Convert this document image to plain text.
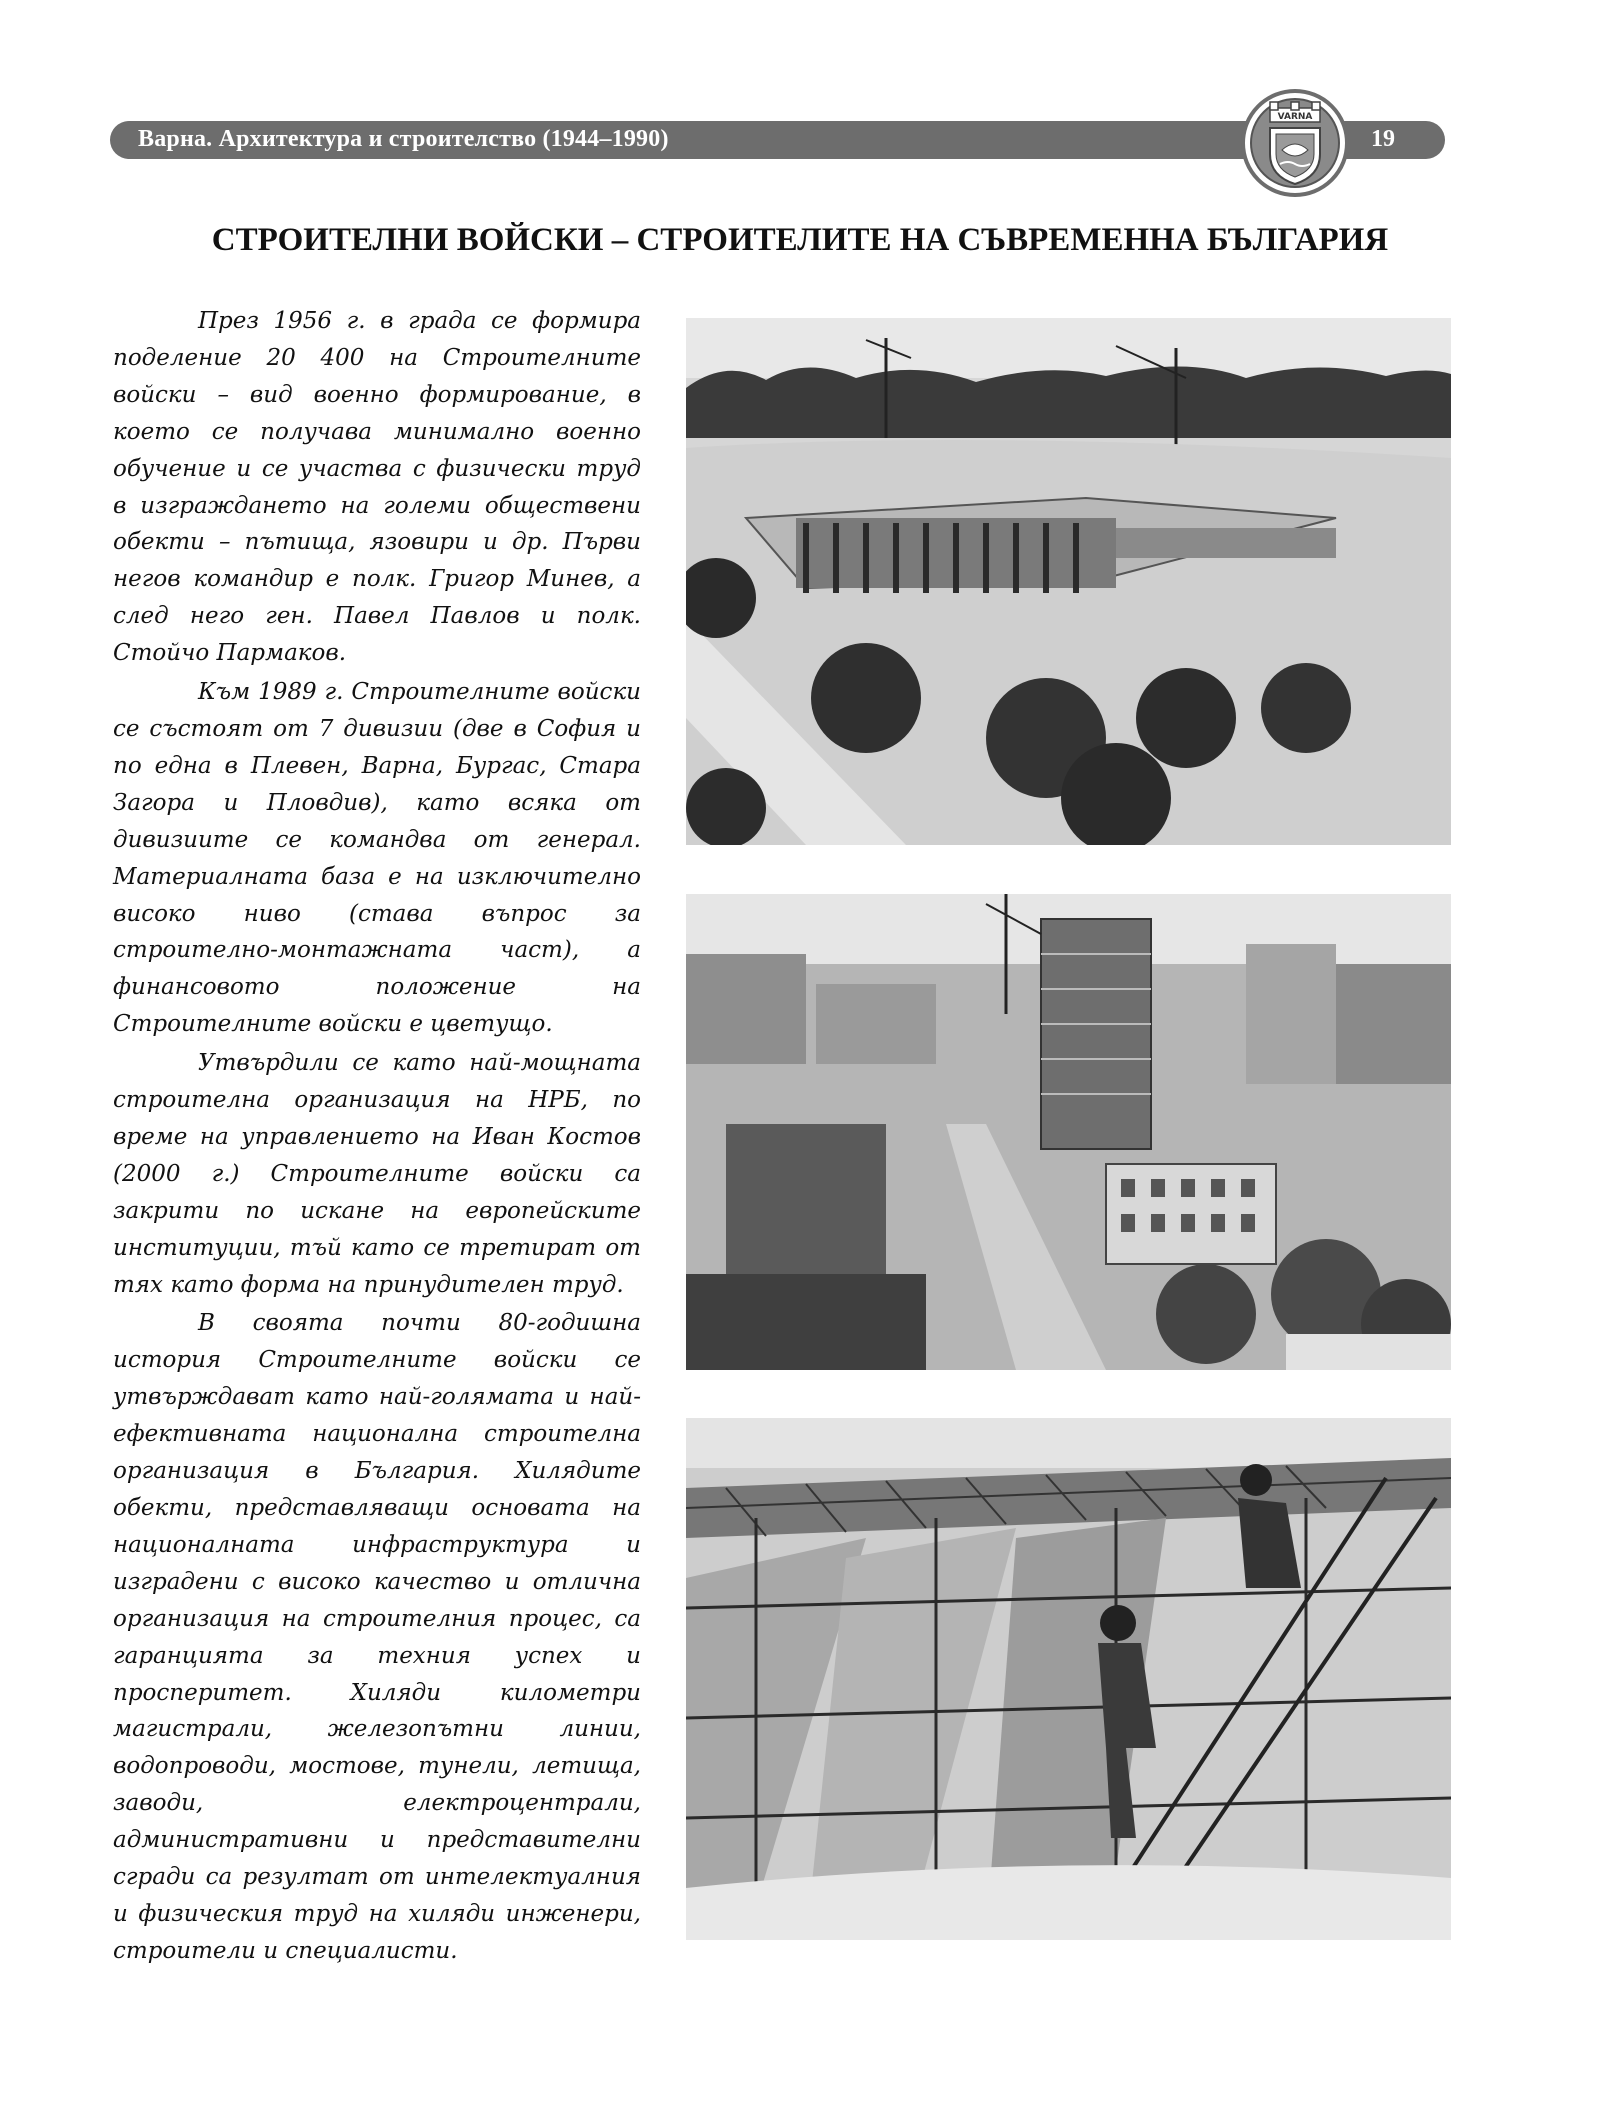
Варна. Архитектура и строителство (1944–1990)	19
VARNA
СТРОИТЕЛНИ ВОЙСКИ – СТРОИТЕЛИТЕ НА СЪВРЕМЕННА БЪЛГАРИЯ

През 1956 г. в града се формира поделение 20 400 на Строителните войски – вид военно формирование, в което се получава минимално военно обучение и се участва с физически труд в изграждането на големи обществени обекти – пътища, язовири и др. Първи негов командир е полк. Григор Минев, а след него ген. Павел Павлов и полк. Стойчо Пармаков.

Към 1989 г. Строителните войски се състоят от 7 дивизии (две в София и по една в Плевен, Варна, Бургас, Стара Загора и Пловдив), като всяка от дивизиите се командва от генерал. Материалната база е на изключително високо ниво (става въпрос за строително-монтажната част), а финансовото положение на Строителните войски е цветущо.

Утвърдили се като най-мощната строителна организация на НРБ, по време на управлението на Иван Костов (2000 г.) Строителните войски са закрити по искане на европейските институции, тъй като се третират от тях като форма на принудителен труд.

В своята почти 80-годишна история Строителните войски се утвърждават като най-голямата и най-ефективната национална строителна организация в България. Хилядите обекти, представляващи основата на националната инфраструктура и изградени с високо качество и отлична организация на строителния процес, са гаранцията за техния успех и просперитет. Хиляди километри магистрали, железопътни линии, водопроводи, мостове, тунели, летища, заводи, електроцентрали, административни и представителни сгради са резултат от интелектуалния и физическия труд на хиляди инженери, строители и специалисти.
